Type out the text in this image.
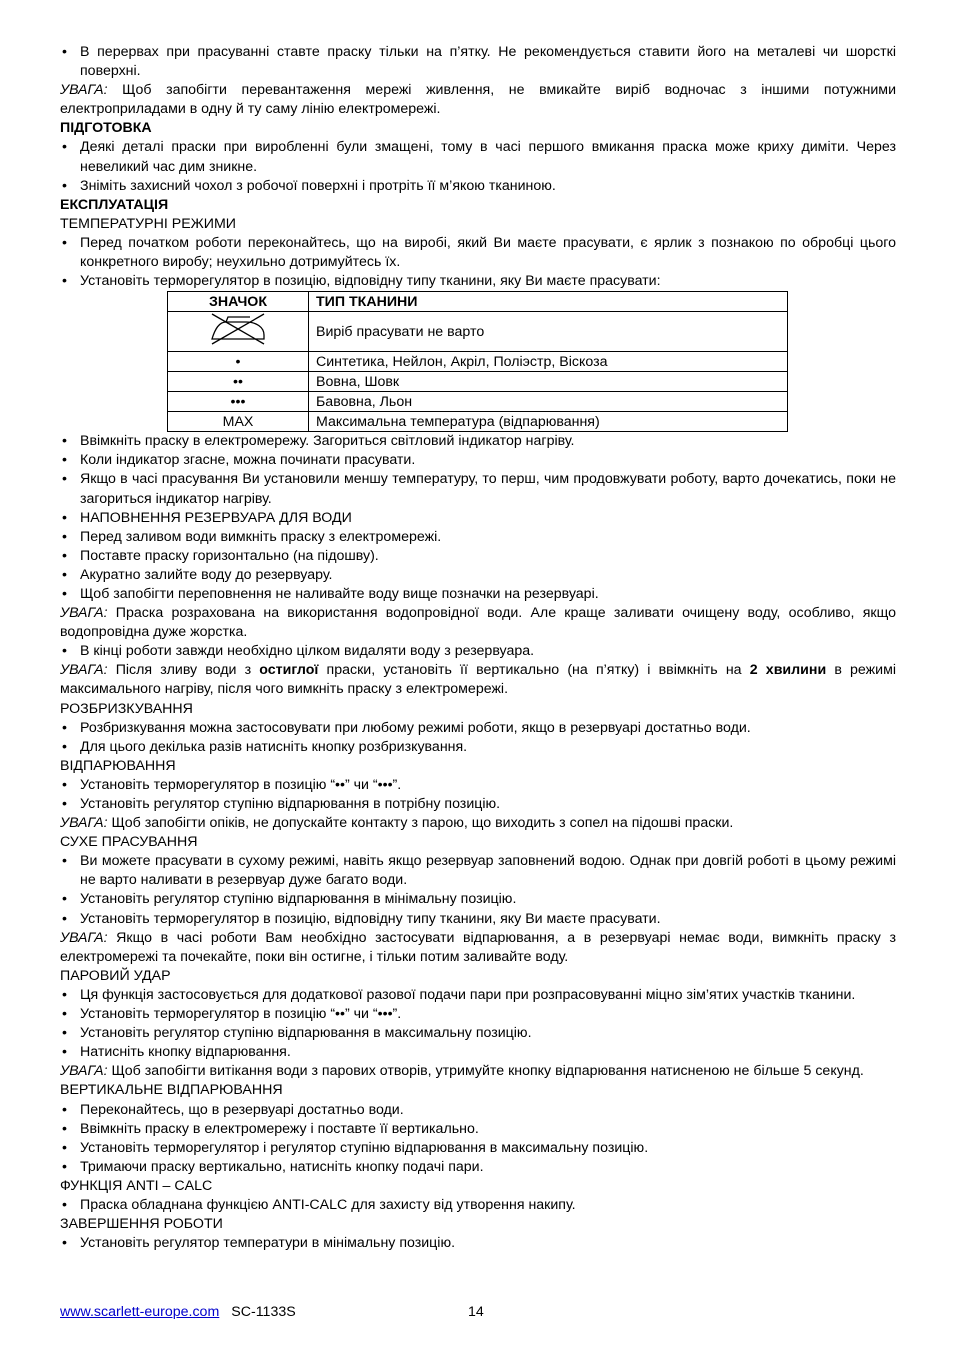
• В перервах при прасуванні ставте праску тільки на п’ятку. Не рекомендується ставити його на металеві чи шорсткі поверхні.
УВАГА: Щоб запобігти перевантаження мережі живлення, не вмикайте виріб водночас з іншими потужними електроприладами в одну й ту саму лінію електромережі.
ПІДГОТОВКА
• Деякі деталі праски при виробленні були змащені, тому в часі першого вмикання праска може криху диміти. Через невеликий час дим зникне.
• Зніміть захисний чохол з робочої поверхні і протріть її м’якою тканиною.
ЕКСПЛУАТАЦІЯ
ТЕМПЕРАТУРНІ РЕЖИМИ
• Перед початком роботи переконайтесь, що на виробі, який Ви маєте прасувати, є ярлик з познакою по обробці цього конкретного виробу; неухильно дотримуйтесь їх.
• Установіть терморегулятор в позицію, відповідну типу тканини, яку Ви маєте прасувати:
ЗНАЧОК	ТИП ТКАНИНИ
	Виріб прасувати не варто
•	Синтетика, Нейлон, Акріл, Поліэстр, Віскоза
••	Вовна, Шовк
•••	Бавовна, Льон
MAX	Максимальна температура (відпарювання)
• Ввімкніть праску в електромережу. Загориться світловий індикатор нагріву.
• Коли індикатор згасне, можна починати прасувати.
• Якщо в часі прасування Ви установили меншу температуру, то перш, чим продовжувати роботу, варто дочекатись, поки не загориться індикатор нагріву.
• НАПОВНЕННЯ РЕЗЕРВУАРА ДЛЯ ВОДИ
• Перед заливом води вимкніть праску з електромережі.
• Поставте праску горизонтально (на підошву).
• Акуратно залийте воду до резервуару.
• Щоб запобігти переповнення не наливайте воду вище позначки на резервуарі.
УВАГА: Праска розрахована на використання водопровідної води. Але краще заливати очищену воду, особливо, якщо водопровідна дуже жорстка.
• В кінці роботи завжди необхідно цілком видаляти воду з резервуара.
УВАГА: Після зливу води з остиглої праски, установіть її вертикально (на п’ятку) і ввімкніть на 2 хвилини в режимі максимального нагріву, після чого вимкніть праску з електромережі.
РОЗБРИЗКУВАННЯ
• Розбризкування можна застосовувати при любому режимі роботи, якщо в резервуарі достатньо води.
• Для цього декілька разів натисніть кнопку розбризкування.
ВІДПАРЮВАННЯ
• Установіть терморегулятор в позицію “••” чи “•••”.
• Установіть регулятор ступіню відпарювання в потрібну позицію.
УВАГА: Щоб запобігти опіків, не допускайте контакту з парою, що виходить з сопел на підошві праски.
СУХЕ ПРАСУВАННЯ
• Ви можете прасувати в сухому режимі, навіть якщо резервуар заповнений водою. Однак при довгій роботі в цьому режимі не варто наливати в резервуар дуже багато води.
• Установіть регулятор ступіню відпарювання в мінімальну позицію.
• Установіть терморегулятор в позицію, відповідну типу тканини, яку Ви маєте прасувати.
УВАГА: Якщо в часі роботи Вам необхідно застосувати відпарювання, а в резервуарі немає води, вимкніть праску з електромережі та почекайте, поки він остигне, і тільки потим заливайте воду.
ПАРОВИЙ УДАР
• Ця функція застосовується для додаткової разової подачи пари при розпрасовуванні міцно зім’ятих участків тканини.
• Установіть терморегулятор в позицію “••” чи “•••”.
• Установіть регулятор ступіню відпарювання в максимальну позицію.
• Натисніть кнопку відпарювання.
УВАГА: Щоб запобігти витікання води з парових отворів, утримуйте кнопку відпарювання натисненою не більше 5 секунд.
ВЕРТИКАЛЬНЕ ВІДПАРЮВАННЯ
• Переконайтесь, що в резервуарі достатньо води.
• Ввімкніть праску в електромережу і поставте її вертикально.
• Установіть терморегулятор і регулятор ступіню відпарювання в максимальну позицію.
• Тримаючи праску вертикально, натисніть кнопку подачі пари.
ФУНКЦІЯ ANTI – CALC
• Праска обладнана функцією ANTI-CALC для захисту від утворення накипу.
ЗАВЕРШЕННЯ РОБОТИ
• Установіть регулятор температури в мінімальну позицію.
www.scarlett-europe.com SC-1133S	14
